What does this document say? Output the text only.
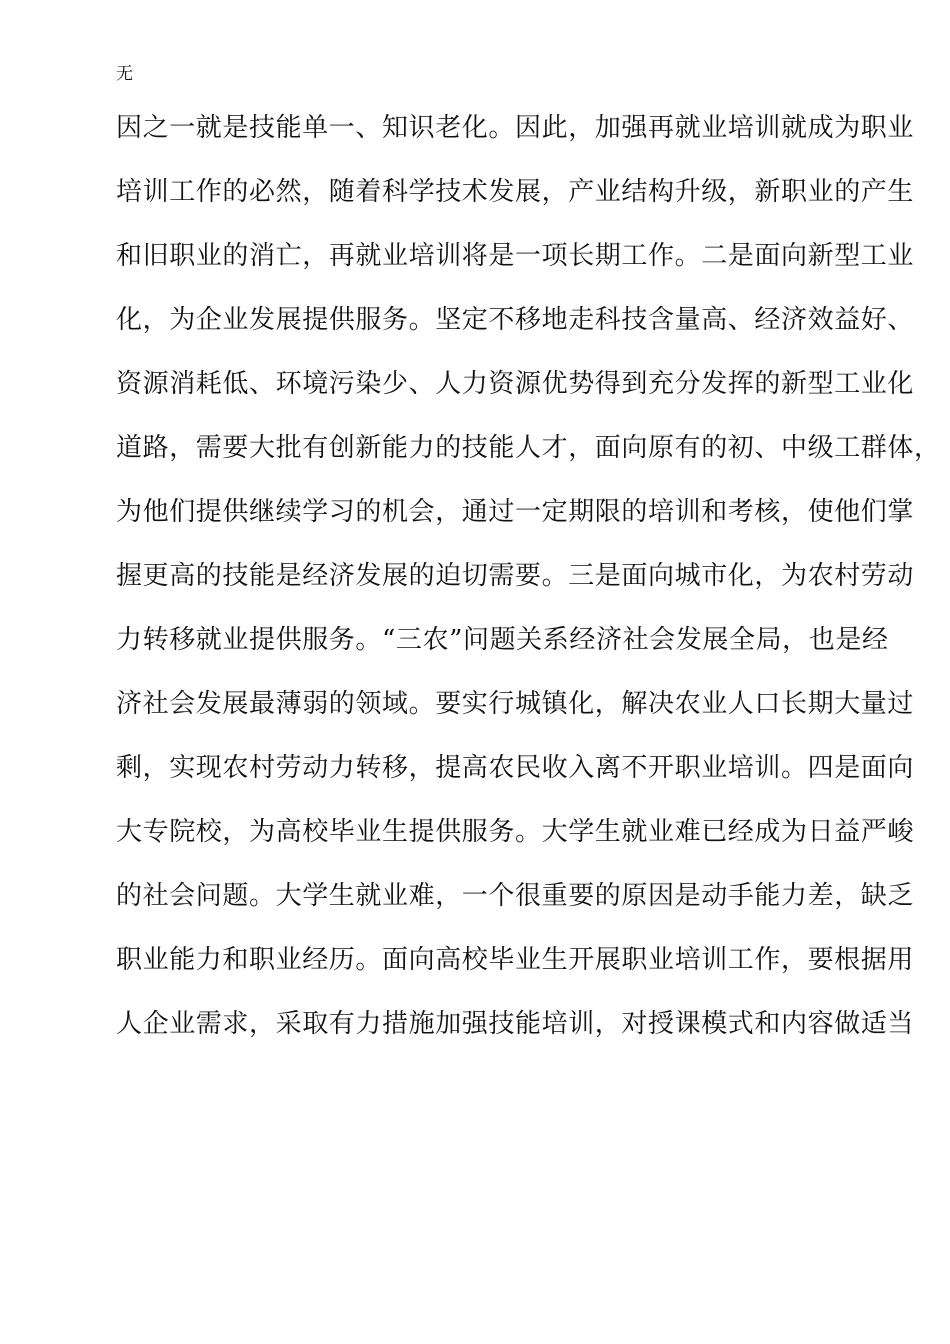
无
因之一就是技能单一、知识老化。因此，加强再就业培训就成为职业
培训工作的必然，随着科学技术发展，产业结构升级，新职业的产生
和旧职业的消亡，再就业培训将是一项长期工作。二是面向新型工业
化，为企业发展提供服务。坚定不移地走科技含量高、经济效益好、
资源消耗低、环境污染少、人力资源优势得到充分发挥的新型工业化
道路，需要大批有创新能力的技能人才，面向原有的初、中级工群体，
为他们提供继续学习的机会，通过一定期限的培训和考核，使他们掌
握更高的技能是经济发展的迫切需要。三是面向城市化，为农村劳动
力转移就业提供服务。“三农”问题关系经济社会发展全局，也是经
济社会发展最薄弱的领域。要实行城镇化，解决农业人口长期大量过
剩，实现农村劳动力转移，提高农民收入离不开职业培训。四是面向
大专院校，为高校毕业生提供服务。大学生就业难已经成为日益严峻
的社会问题。大学生就业难，一个很重要的原因是动手能力差，缺乏
职业能力和职业经历。面向高校毕业生开展职业培训工作，要根据用
人企业需求，采取有力措施加强技能培训，对授课模式和内容做适当
